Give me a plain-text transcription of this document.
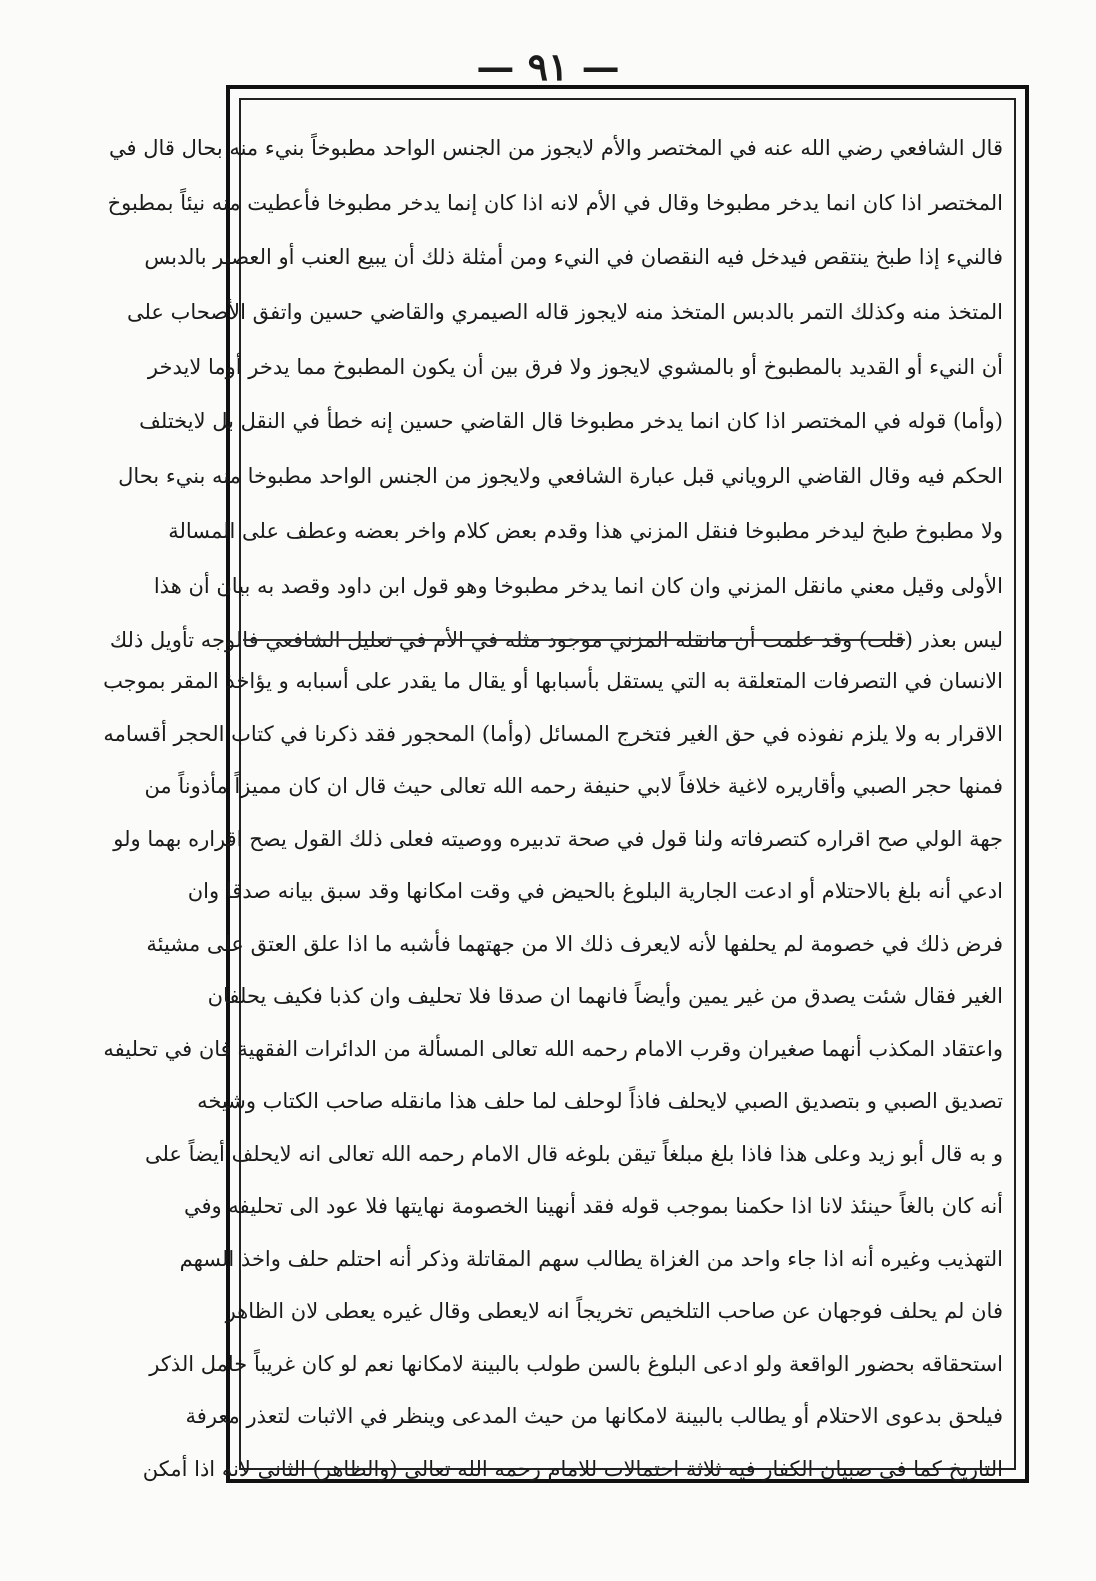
— ٩١ —
قال الشافعي رضي الله عنه في المختصر والأم لايجوز من الجنس الواحد مطبوخاً بنيء منه بحال قال في
المختصر اذا كان انما يدخر مطبوخا وقال في الأم لانه اذا كان إنما يدخر مطبوخا فأعطيت منه نيئاً بمطبوخ
فالنيء إذا طبخ ينتقص فيدخل فيه النقصان في النيء ومن أمثلة ذلك أن يبيع العنب أو العصير بالدبس
المتخذ منه وكذلك التمر بالدبس المتخذ منه لايجوز قاله الصيمري والقاضي حسين واتفق الأصحاب على
أن النيء أو القديد بالمطبوخ أو بالمشوي لايجوز ولا فرق بين أن يكون المطبوخ مما يدخر أوما لايدخر
(وأما) قوله في المختصر اذا كان انما يدخر مطبوخا قال القاضي حسين إنه خطأ في النقل بل لايختلف
الحكم فيه وقال القاضي الروياني قبل عبارة الشافعي ولايجوز من الجنس الواحد مطبوخا منه بنيء بحال
ولا مطبوخ طبخ ليدخر مطبوخا فنقل المزني هذا وقدم بعض كلام واخر بعضه وعطف على المسالة
الأولى وقيل معني مانقل المزني وان كان انما يدخر مطبوخا وهو قول ابن داود وقصد به بيان أن هذا
ليس بعذر (قلت) وقد علمت أن مانقله المزني موجود مثله في الأم في تعليل الشافعي فالوجه تأويل ذلك
الانسان في التصرفات المتعلقة به التي يستقل بأسبابها أو يقال ما يقدر على أسبابه و يؤاخذ المقر بموجب
الاقرار به ولا يلزم نفوذه في حق الغير فتخرج المسائل (وأما) المحجور فقد ذكرنا في كتاب الحجر أقسامه
فمنها حجر الصبي وأقاريره لاغية خلافاً لابي حنيفة رحمه الله تعالى حيث قال ان كان مميزاً مأذوناً من
جهة الولي صح اقراره كتصرفاته ولنا قول في صحة تدبيره ووصيته فعلى ذلك القول يصح اقراره بهما ولو
ادعي أنه بلغ بالاحتلام أو ادعت الجارية البلوغ بالحيض في وقت امكانها وقد سبق بيانه صدقا وان
فرض ذلك في خصومة لم يحلفها لأنه لايعرف ذلك الا من جهتهما فأشبه ما اذا علق العتق على مشيئة
الغير فقال شئت يصدق من غير يمين وأيضاً فانهما ان صدقا فلا تحليف وان كذبا فكيف يحلفان
واعتقاد المكذب أنهما صغيران وقرب الامام رحمه الله تعالى المسألة من الدائرات الفقهية فان في تحليفه
تصديق الصبي و بتصديق الصبي لايحلف فاذاً لوحلف لما حلف هذا مانقله صاحب الكتاب وشيخه
و به قال أبو زيد وعلى هذا فاذا بلغ مبلغاً تيقن بلوغه قال الامام رحمه الله تعالى انه لايحلف أيضاً على
أنه كان بالغاً حينئذ لانا اذا حكمنا بموجب قوله فقد أنهينا الخصومة نهايتها فلا عود الى تحليفه وفي
التهذيب وغيره أنه اذا جاء واحد من الغزاة يطالب سهم المقاتلة وذكر أنه احتلم حلف واخذ السهم
فان لم يحلف فوجهان عن صاحب التلخيص تخريجاً انه لايعطى وقال غيره يعطى لان الظاهر
استحقاقه بحضور الواقعة ولو ادعى البلوغ بالسن طولب بالبينة لامكانها نعم لو كان غريباً خامل الذكر
فيلحق بدعوى الاحتلام أو يطالب بالبينة لامكانها من حيث المدعى وينظر في الاثبات لتعذر معرفة
التاريخ كما في صبيان الكفار فيه ثلاثة احتمالات للامام رحمه الله تعالى (والظاهر) الثاني لانه اذا أمكن
